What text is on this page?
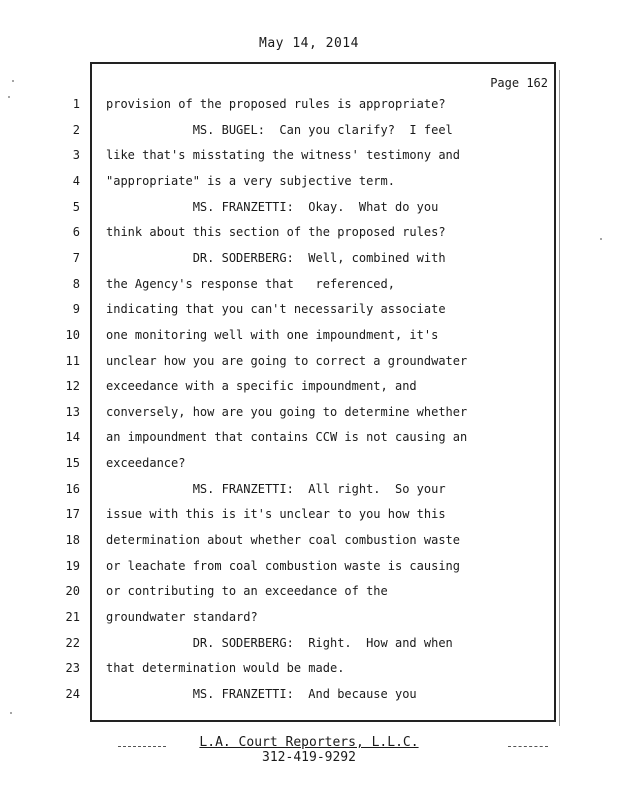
May 14, 2014
Page 162
1 provision of the proposed rules is appropriate?
2 MS. BUGEL:  Can you clarify?  I feel
3 like that's misstating the witness' testimony and
4 "appropriate" is a very subjective term.
5 MS. FRANZETTI:  Okay.  What do you
6 think about this section of the proposed rules?
7 DR. SODERBERG:  Well, combined with
8 the Agency's response that   referenced,
9 indicating that you can't necessarily associate
10 one monitoring well with one impoundment, it's
11 unclear how you are going to correct a groundwater
12 exceedance with a specific impoundment, and
13 conversely, how are you going to determine whether
14 an impoundment that contains CCW is not causing an
15 exceedance?
16 MS. FRANZETTI:  All right.  So your
17 issue with this is it's unclear to you how this
18 determination about whether coal combustion waste
19 or leachate from coal combustion waste is causing
20 or contributing to an exceedance of the
21 groundwater standard?
22 DR. SODERBERG:  Right.  How and when
23 that determination would be made.
24 MS. FRANZETTI:  And because you
L.A. Court Reporters, L.L.C.
312-419-9292
